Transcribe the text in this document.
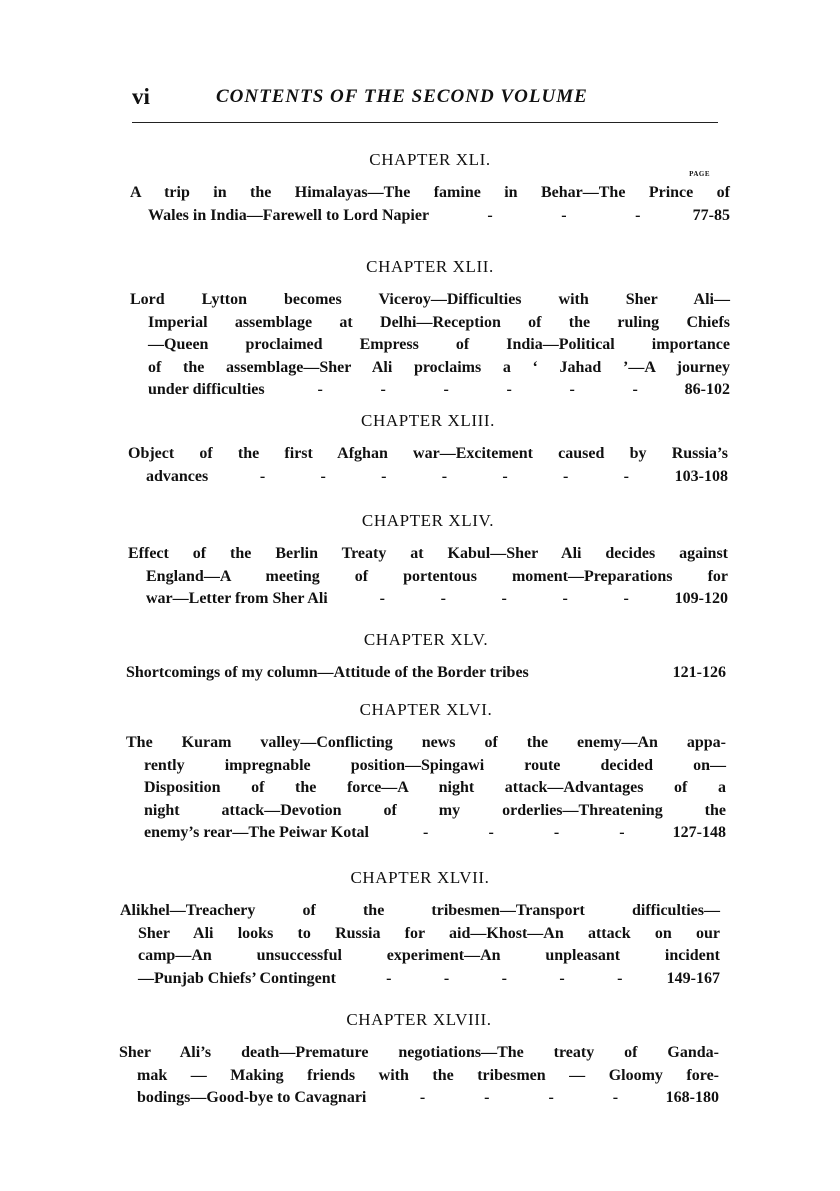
vi	CONTENTS OF THE SECOND VOLUME
CHAPTER XLI.
PAGE
A trip in the Himalayas—The famine in Behar—The Prince of
Wales in India—Farewell to Lord Napier	-	-	-	77-85
CHAPTER XLII.
Lord Lytton becomes Viceroy—Difficulties with Sher Ali—
Imperial assemblage at Delhi—Reception of the ruling Chiefs
—Queen proclaimed Empress of India—Political importance
of the assemblage—Sher Ali proclaims a ‘ Jahad ’—A journey
under difficulties	-	-	-	-	-	-	86-102
CHAPTER XLIII.
Object of the first Afghan war—Excitement caused by Russia’s
advances	-	-	-	-	-	-	-	103-108
CHAPTER XLIV.
Effect of the Berlin Treaty at Kabul—Sher Ali decides against
England—A meeting of portentous moment—Preparations for
war—Letter from Sher Ali	-	-	-	-	-	109-120
CHAPTER XLV.
Shortcomings of my column—Attitude of the Border tribes	121-126
CHAPTER XLVI.
The Kuram valley—Conflicting news of the enemy—An appa-
rently impregnable position—Spingawi route decided on—
Disposition of the force—A night attack—Advantages of a
night attack—Devotion of my orderlies—Threatening the
enemy’s rear—The Peiwar Kotal	-	-	-	-	127-148
CHAPTER XLVII.
Alikhel—Treachery of the tribesmen—Transport difficulties—
Sher Ali looks to Russia for aid—Khost—An attack on our
camp—An unsuccessful experiment—An unpleasant incident
—Punjab Chiefs’ Contingent	-	-	-	-	-	149-167
CHAPTER XLVIII.
Sher Ali’s death—Premature negotiations—The treaty of Ganda-
mak — Making friends with the tribesmen — Gloomy fore-
bodings—Good-bye to Cavagnari	-	-	-	-	168-180
